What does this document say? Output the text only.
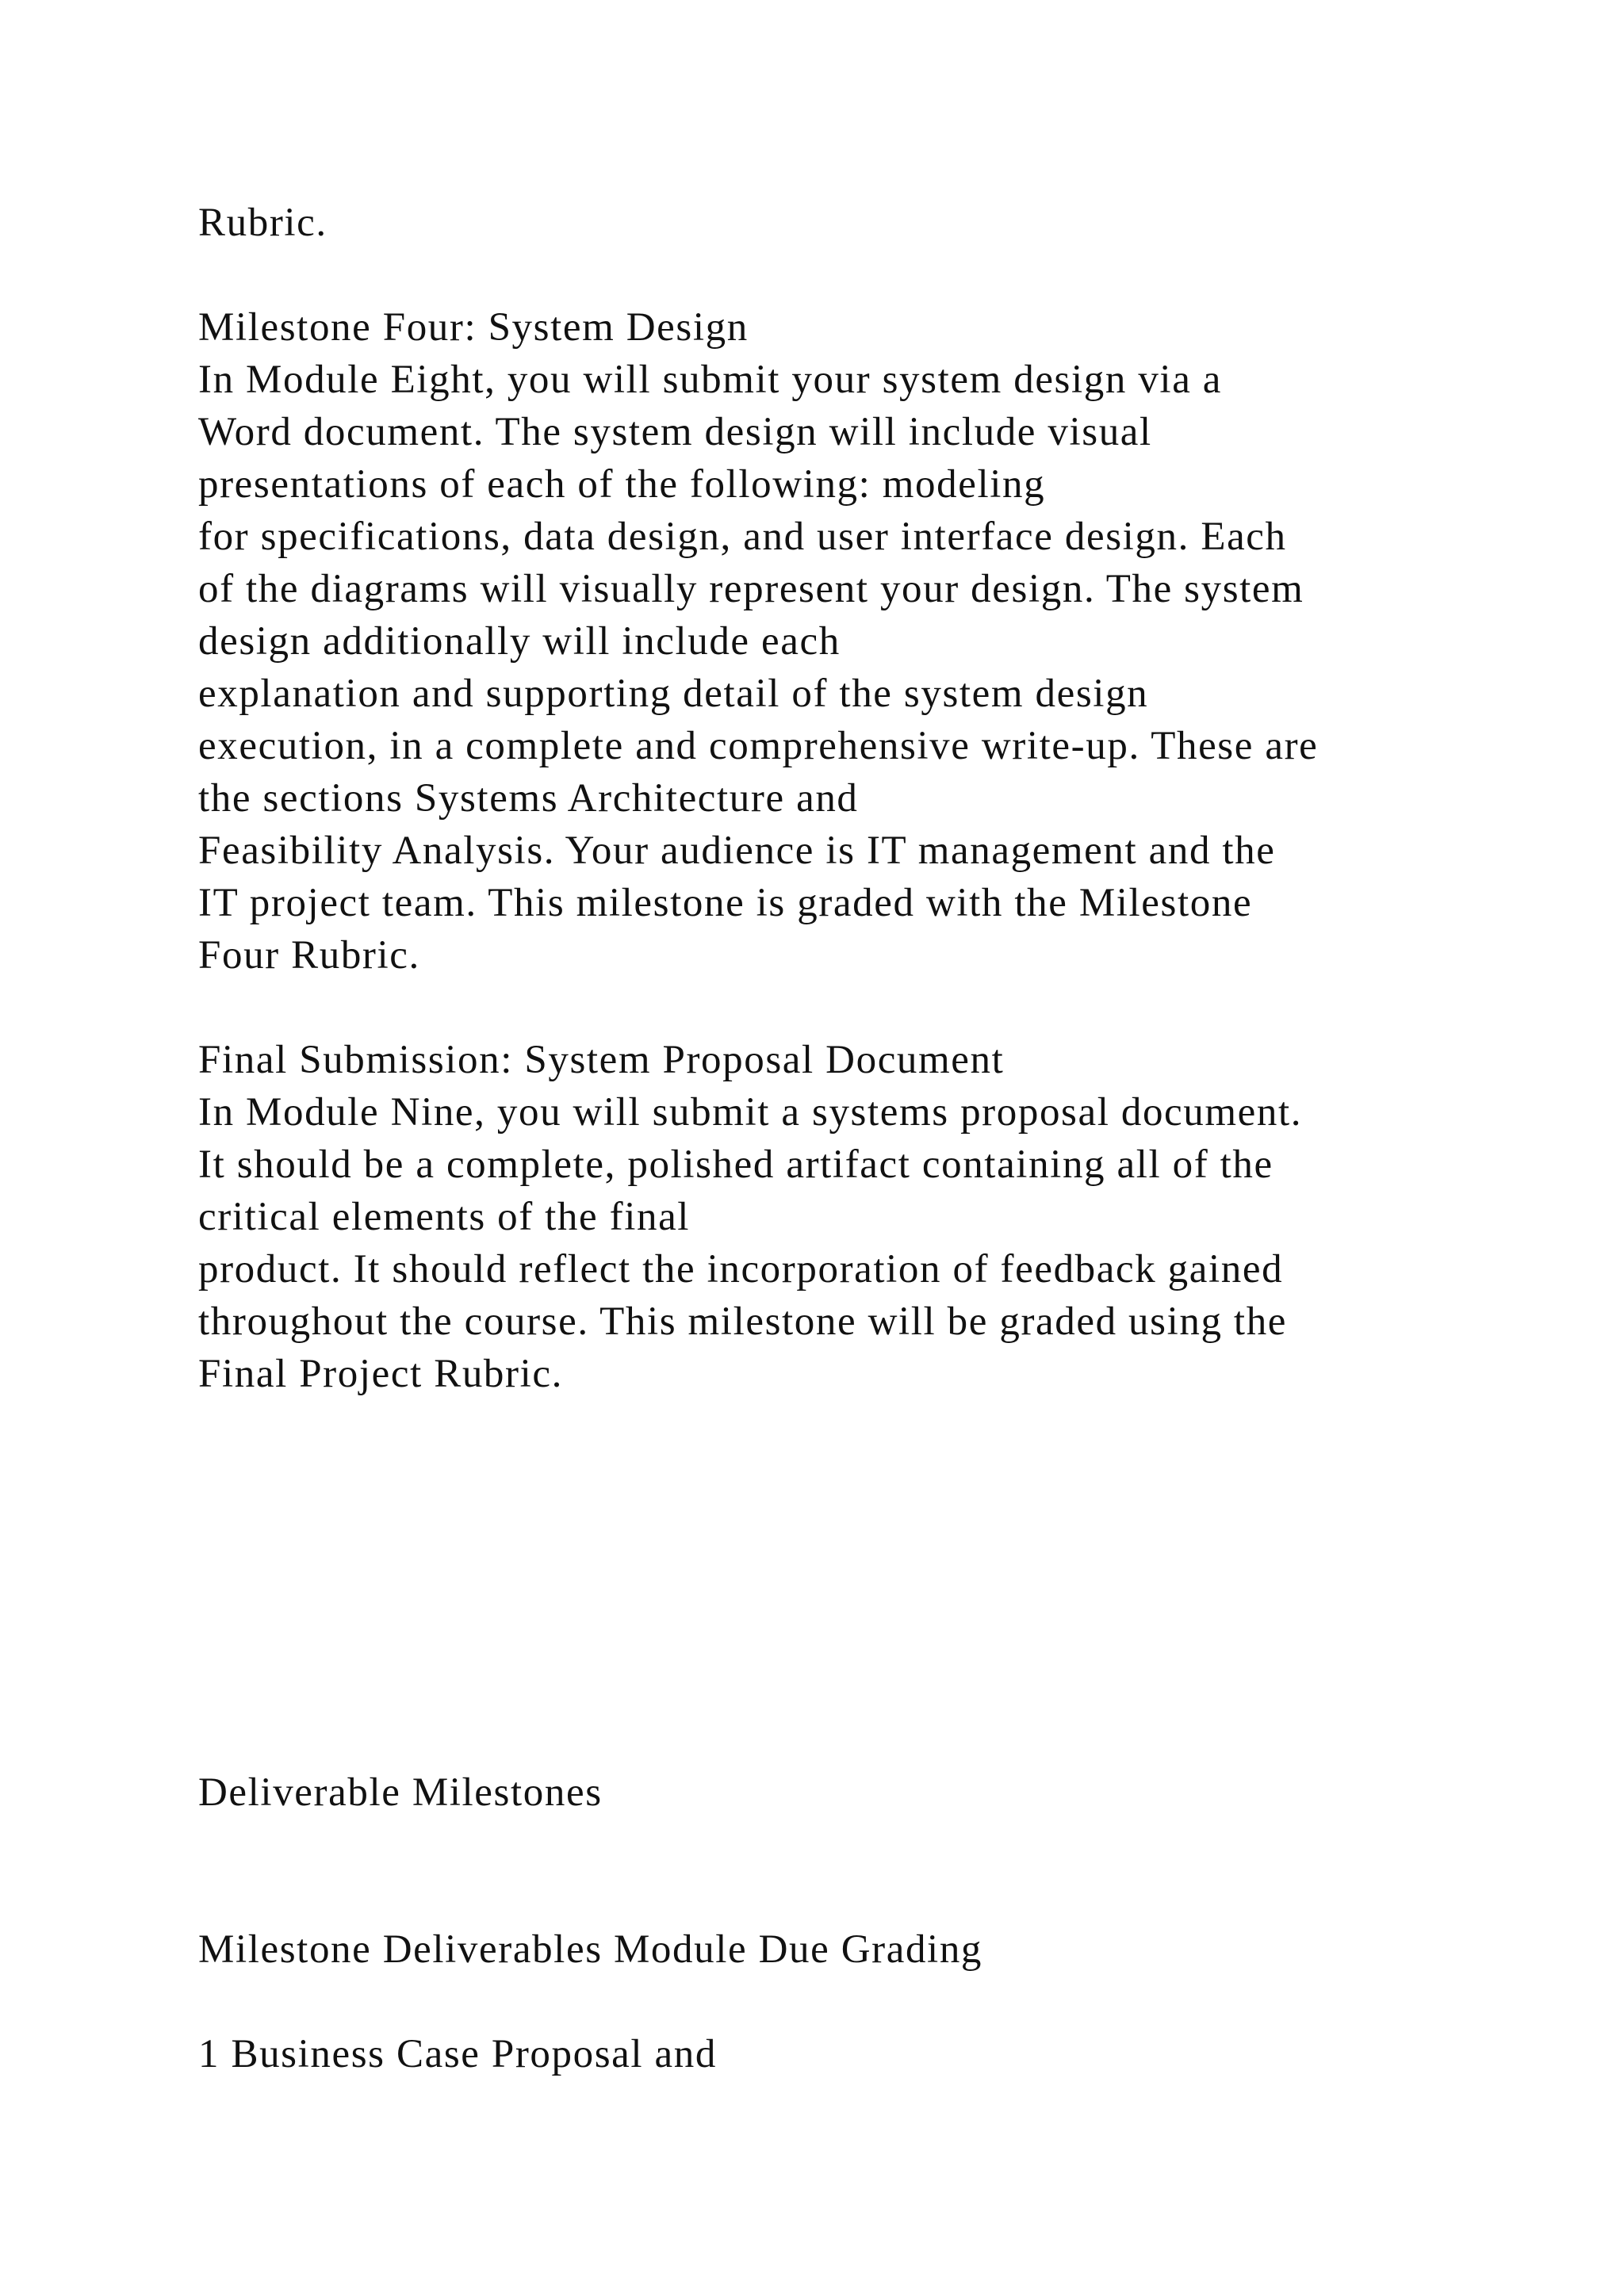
Rubric.

Milestone Four: System Design

In Module Eight, you will submit your system design via a

Word document. The system design will include visual

presentations of each of the following: modeling

for specifications, data design, and user interface design. Each

of the diagrams will visually represent your design. The system

design additionally will include each

explanation and supporting detail of the system design

execution, in a complete and comprehensive write-up. These are

the sections Systems Architecture and

Feasibility Analysis. Your audience is IT management and the

IT project team. This milestone is graded with the Milestone

Four Rubric.

Final Submission: System Proposal Document

In Module Nine, you will submit a systems proposal document.

It should be a complete, polished artifact containing all of the

critical elements of the final

product. It should reflect the incorporation of feedback gained

throughout the course. This milestone will be graded using the

Final Project Rubric.

Deliverable Milestones

Milestone Deliverables Module Due Grading

1 Business Case Proposal and
